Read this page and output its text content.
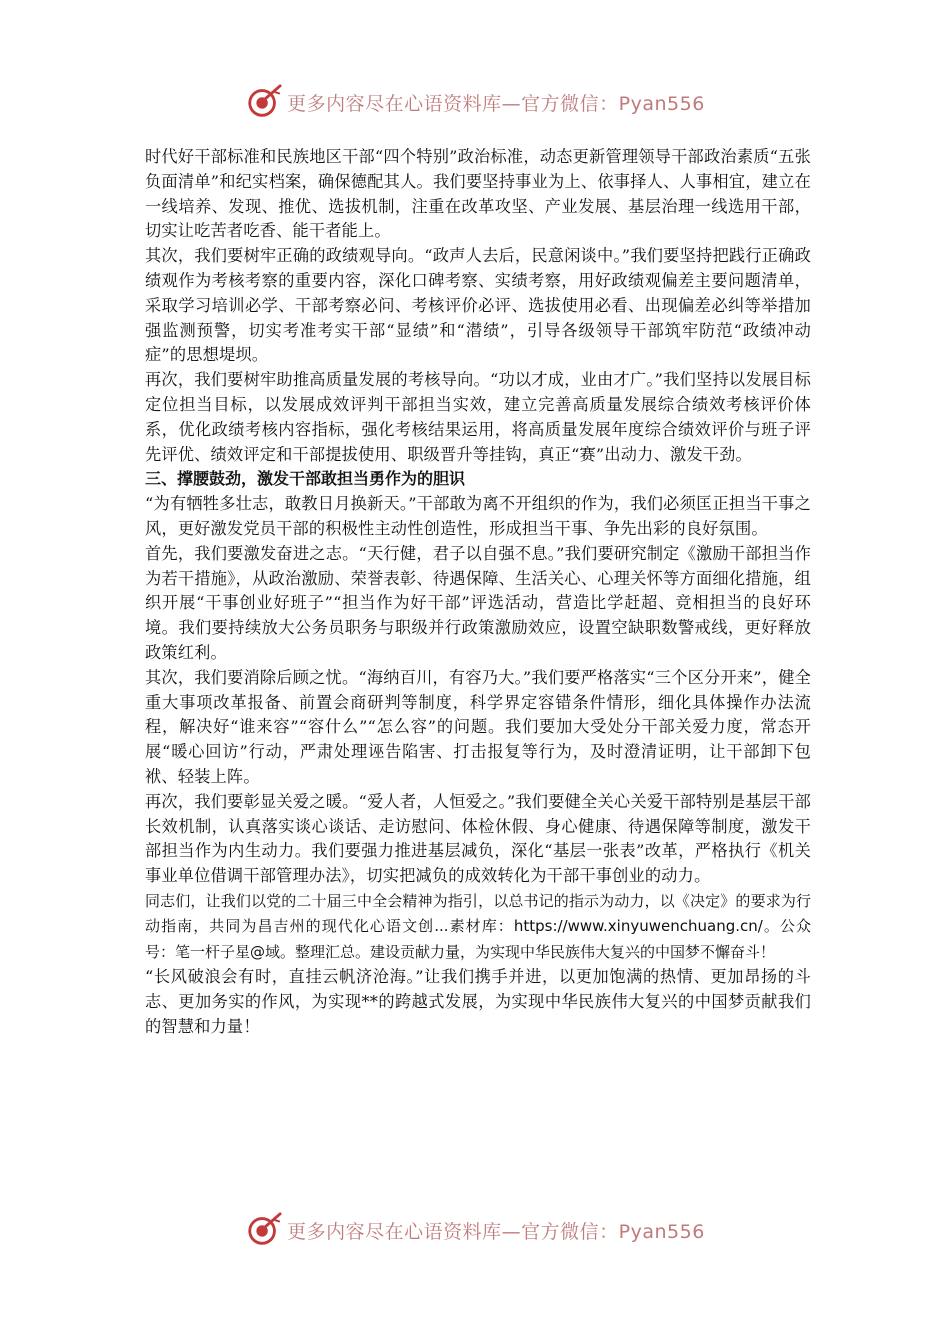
更多内容尽在心语资料库—官方微信：Pyan556

时代好干部标准和民族地区干部“四个特别”政治标准，动态更新管理领导干部政治素质“五张负面清单”和纪实档案，确保德配其人。我们要坚持事业为上、依事择人、人事相宜，建立在一线培养、发现、推优、选拔机制，注重在改革攻坚、产业发展、基层治理一线选用干部，切实让吃苦者吃香、能干者能上。

其次，我们要树牢正确的政绩观导向。“政声人去后，民意闲谈中。”我们要坚持把践行正确政绩观作为考核考察的重要内容，深化口碑考察、实绩考察，用好政绩观偏差主要问题清单，采取学习培训必学、干部考察必问、考核评价必评、选拔使用必看、出现偏差必纠等举措加强监测预警，切实考准考实干部“显绩”和“潜绩”，引导各级领导干部筑牢防范“政绩冲动症”的思想堤坝。

再次，我们要树牢助推高质量发展的考核导向。“功以才成，业由才广。”我们坚持以发展目标定位担当目标，以发展成效评判干部担当实效，建立完善高质量发展综合绩效考核评价体系，优化政绩考核内容指标，强化考核结果运用，将高质量发展年度综合绩效评价与班子评先评优、绩效评定和干部提拔使用、职级晋升等挂钩，真正“赛”出动力、激发干劲。

三、撑腰鼓劲，激发干部敢担当勇作为的胆识

“为有牺牲多壮志，敢教日月换新天。”干部敢为离不开组织的作为，我们必须匡正担当干事之风，更好激发党员干部的积极性主动性创造性，形成担当干事、争先出彩的良好氛围。

首先，我们要激发奋进之志。“天行健，君子以自强不息。”我们要研究制定《激励干部担当作为若干措施》，从政治激励、荣誉表彰、待遇保障、生活关心、心理关怀等方面细化措施，组织开展“干事创业好班子”“担当作为好干部”评选活动，营造比学赶超、竞相担当的良好环境。我们要持续放大公务员职务与职级并行政策激励效应，设置空缺职数警戒线，更好释放政策红利。

其次，我们要消除后顾之忧。“海纳百川，有容乃大。”我们要严格落实“三个区分开来”，健全重大事项改革报备、前置会商研判等制度，科学界定容错条件情形，细化具体操作办法流程，解决好“谁来容”“容什么”“怎么容”的问题。我们要加大受处分干部关爱力度，常态开展“暖心回访”行动，严肃处理诬告陷害、打击报复等行为，及时澄清证明，让干部卸下包袱、轻装上阵。

再次，我们要彰显关爱之暖。“爱人者，人恒爱之。”我们要健全关心关爱干部特别是基层干部长效机制，认真落实谈心谈话、走访慰问、体检休假、身心健康、待遇保障等制度，激发干部担当作为内生动力。我们要强力推进基层减负，深化“基层一张表”改革，严格执行《机关事业单位借调干部管理办法》，切实把减负的成效转化为干部干事创业的动力。

同志们，让我们以党的二十届三中全会精神为指引，以总书记的指示为动力，以《决定》的要求为行动指南，共同为昌吉州的现代化心语文创...素材库：https://www.xinyuwenchuang.cn/。公众号：笔一杆子星@域。整理汇总。建设贡献力量，为实现中华民族伟大复兴的中国梦不懈奋斗！

“长风破浪会有时，直挂云帆济沧海。”让我们携手并进，以更加饱满的热情、更加昂扬的斗志、更加务实的作风，为实现**的跨越式发展，为实现中华民族伟大复兴的中国梦贡献我们的智慧和力量！

更多内容尽在心语资料库—官方微信：Pyan556
